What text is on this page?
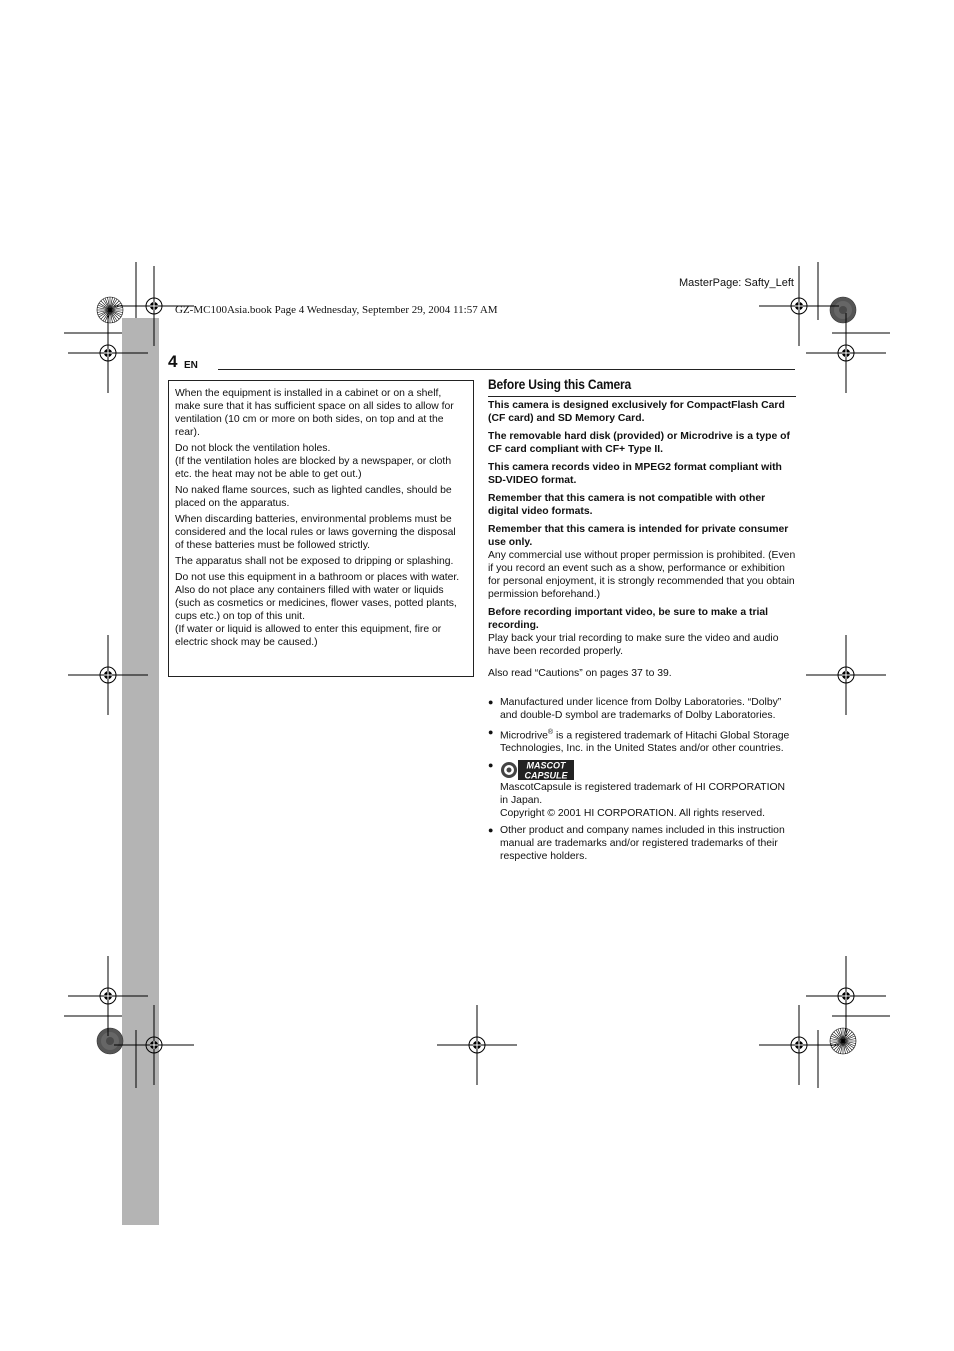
MasterPage: Safty_Left
GZ-MC100Asia.book Page 4 Wednesday, September 29, 2004 11:57 AM
4 EN

When the equipment is installed in a cabinet or on a shelf, make sure that it has sufficient space on all sides to allow for ventilation (10 cm or more on both sides, on top and at the rear).

Do not block the ventilation holes.

(If the ventilation holes are blocked by a newspaper, or cloth etc. the heat may not be able to get out.)

No naked flame sources, such as lighted candles, should be placed on the apparatus.

When discarding batteries, environmental problems must be considered and the local rules or laws governing the disposal of these batteries must be followed strictly.

The apparatus shall not be exposed to dripping or splashing.

Do not use this equipment in a bathroom or places with water.

Also do not place any containers filled with water or liquids (such as cosmetics or medicines, flower vases, potted plants, cups etc.) on top of this unit.

(If water or liquid is allowed to enter this equipment, fire or electric shock may be caused.)

Before Using this Camera

This camera is designed exclusively for CompactFlash Card (CF card) and SD Memory Card.

The removable hard disk (provided) or Microdrive is a type of CF card compliant with CF+ Type II.

This camera records video in MPEG2 format compliant with SD-VIDEO format.

Remember that this camera is not compatible with other digital video formats.

Remember that this camera is intended for private consumer use only.

Any commercial use without proper permission is prohibited. (Even if you record an event such as a show, performance or exhibition for personal enjoyment, it is strongly recommended that you obtain permission beforehand.)

Before recording important video, be sure to make a trial recording.

Play back your trial recording to make sure the video and audio have been recorded properly.

Also read “Cautions” on pages 37 to 39.

● Manufactured under licence from Dolby Laboratories. “Dolby” and double-D symbol are trademarks of Dolby Laboratories.
● Microdrive® is a registered trademark of Hitachi Global Storage Technologies, Inc. in the United States and/or other countries.
●	MASCOT
CAPSULE

MascotCapsule is registered trademark of HI CORPORATION in Japan.
Copyright © 2001 HI CORPORATION. All rights reserved.
● Other product and company names included in this instruction manual are trademarks and/or registered trademarks of their respective holders.
